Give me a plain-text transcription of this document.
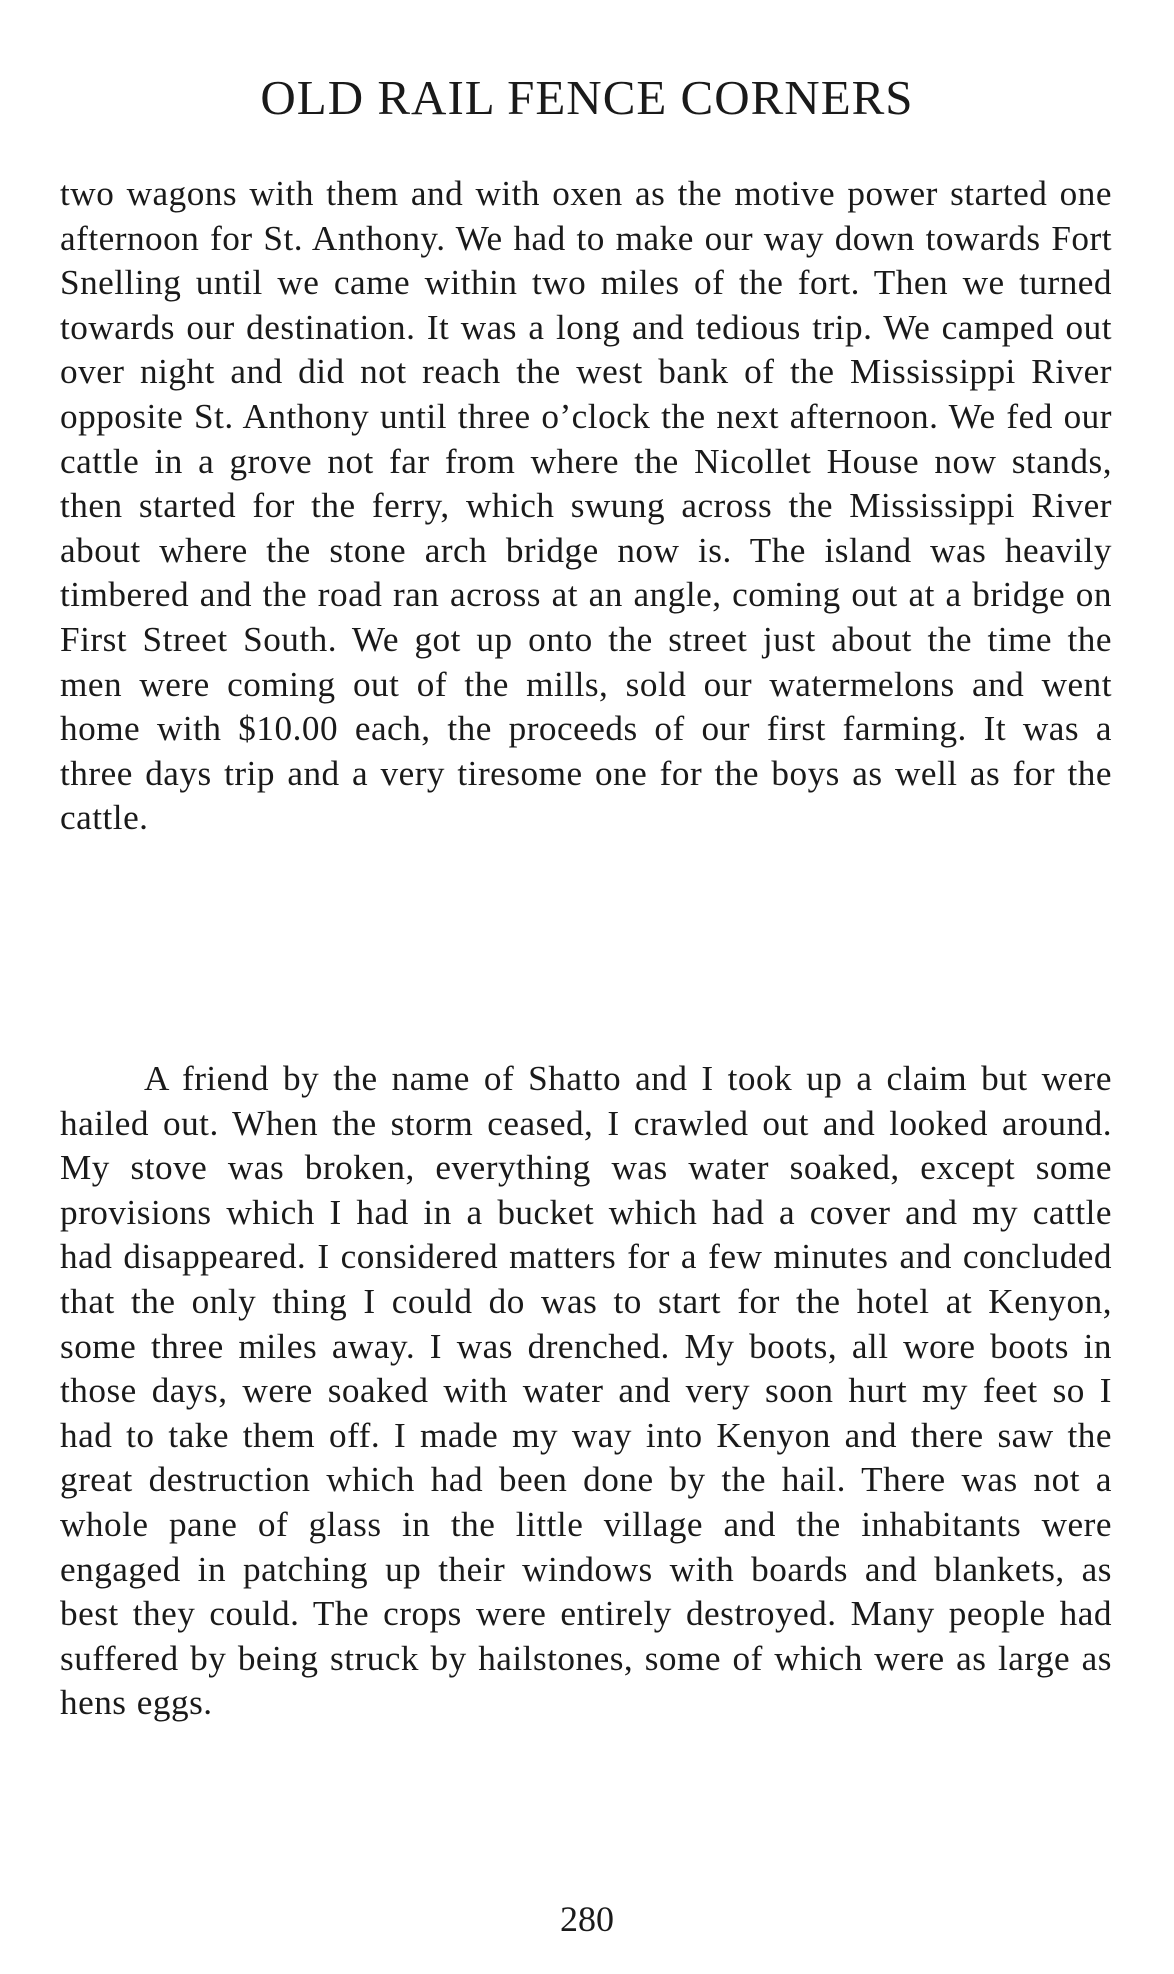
OLD RAIL FENCE CORNERS

two wagons with them and with oxen as the motive power started one afternoon for St. Anthony. We had to make our way down towards Fort Snelling until we came within two miles of the fort. Then we turned towards our destination. It was a long and tedious trip. We camped out over night and did not reach the west bank of the Mississippi River opposite St. Anthony until three o’clock the next afternoon. We fed our cattle in a grove not far from where the Nicollet House now stands, then started for the ferry, which swung across the Mississippi River about where the stone arch bridge now is. The island was heavily timbered and the road ran across at an angle, coming out at a bridge on First Street South. We got up onto the street just about the time the men were coming out of the mills, sold our watermelons and went home with $10.00 each, the proceeds of our first farming. It was a three days trip and a very tiresome one for the boys as well as for the cattle.

A friend by the name of Shatto and I took up a claim but were hailed out. When the storm ceased, I crawled out and looked around. My stove was broken, everything was water soaked, except some provisions which I had in a bucket which had a cover and my cattle had disappeared. I considered matters for a few minutes and concluded that the only thing I could do was to start for the hotel at Kenyon, some three miles away. I was drenched. My boots, all wore boots in those days, were soaked with water and very soon hurt my feet so I had to take them off. I made my way into Kenyon and there saw the great destruction which had been done by the hail. There was not a whole pane of glass in the little village and the inhabitants were engaged in patching up their windows with boards and blankets, as best they could. The crops were entirely destroyed. Many people had suffered by being struck by hailstones, some of which were as large as hens eggs.

280
